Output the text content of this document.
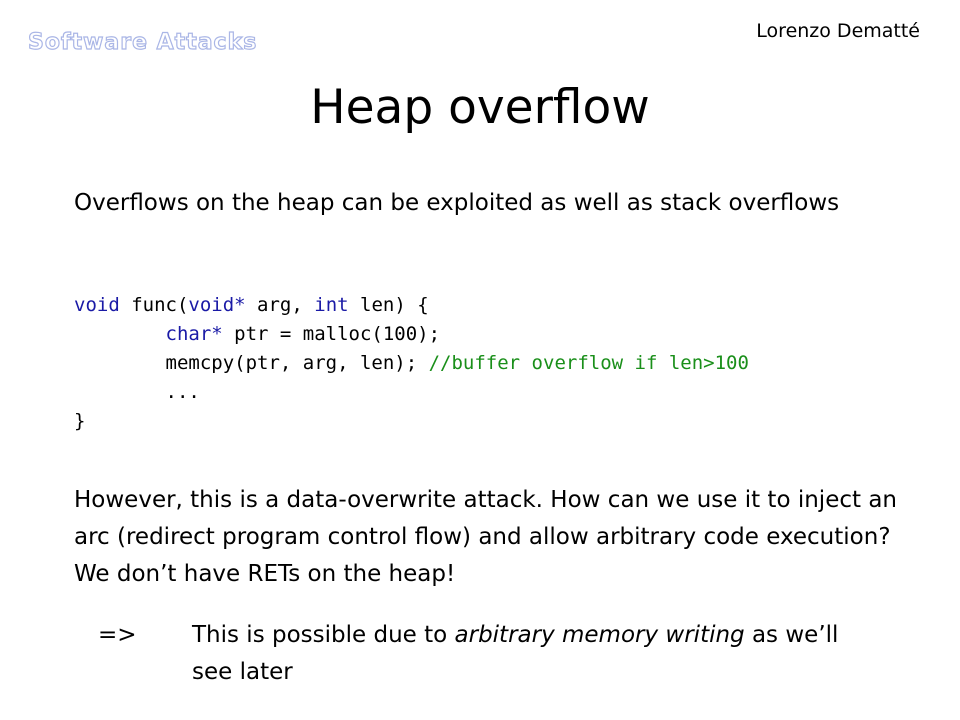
Software Attacks	Lorenzo Dematté
Heap overflow
Overflows on the heap can be exploited as well as stack overflows
void func(void* arg, int len) {
char* ptr = malloc(100);
memcpy(ptr, arg, len); //buffer overflow if len>100
...
}
However, this is a data-overwrite attack. How can we use it to inject an arc (redirect program control flow) and allow arbitrary code execution? We don’t have RETs on the heap!
=> This is possible due to arbitrary memory writing as we’ll see later
